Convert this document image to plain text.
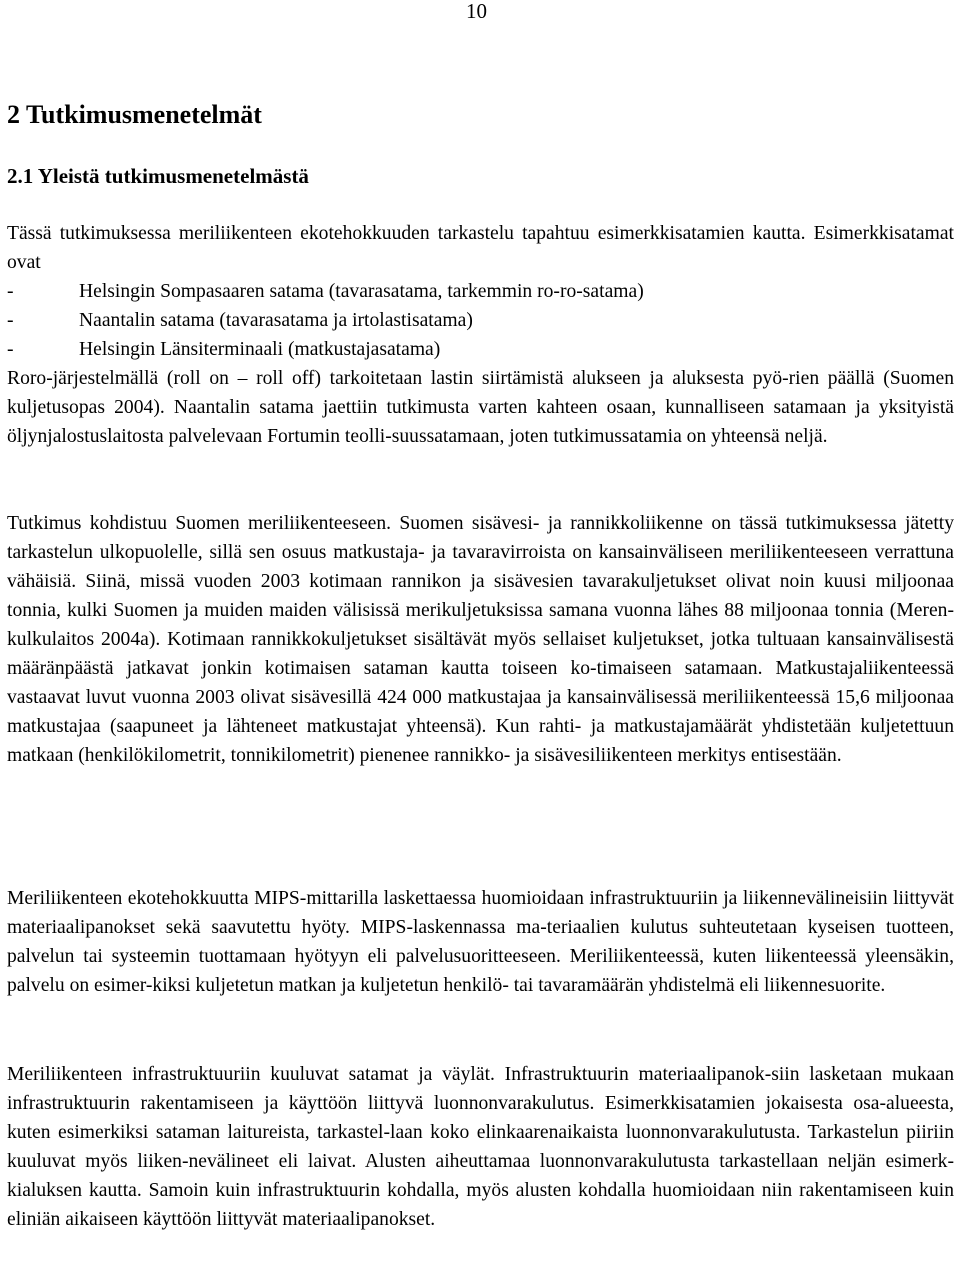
10
2 Tutkimusmenetelmät
2.1 Yleistä tutkimusmenetelmästä

Tässä tutkimuksessa meriliikenteen ekotehokkuuden tarkastelu tapahtuu esimerkkisatamien kautta. Esimerkkisatamat ovat

-	Helsingin Sompasaaren satama (tavarasatama, tarkemmin ro-ro-satama)
-	Naantalin satama (tavarasatama ja irtolastisatama)
-	Helsingin Länsiterminaali (matkustajasatama)

Roro-järjestelmällä (roll on – roll off) tarkoitetaan lastin siirtämistä alukseen ja aluksesta pyö-rien päällä (Suomen kuljetusopas 2004). Naantalin satama jaettiin tutkimusta varten kahteen osaan, kunnalliseen satamaan ja yksityistä öljynjalostuslaitosta palvelevaan Fortumin teolli-suussatamaan, joten tutkimussatamia on yhteensä neljä.

Tutkimus kohdistuu Suomen meriliikenteeseen. Suomen sisävesi- ja rannikkoliikenne on tässä tutkimuksessa jätetty tarkastelun ulkopuolelle, sillä sen osuus matkustaja- ja tavaravirroista on kansainväliseen meriliikenteeseen verrattuna vähäisiä. Siinä, missä vuoden 2003 kotimaan rannikon ja sisävesien tavarakuljetukset olivat noin kuusi miljoonaa tonnia, kulki Suomen ja muiden maiden välisissä merikuljetuksissa samana vuonna lähes 88 miljoonaa tonnia (Meren-kulkulaitos 2004a). Kotimaan rannikkokuljetukset sisältävät myös sellaiset kuljetukset, jotka tultuaan kansainvälisestä määränpäästä jatkavat jonkin kotimaisen sataman kautta toiseen ko-timaiseen satamaan. Matkustajaliikenteessä vastaavat luvut vuonna 2003 olivat sisävesillä 424 000 matkustajaa ja kansainvälisessä meriliikenteessä 15,6 miljoonaa matkustajaa (saapuneet ja lähteneet matkustajat yhteensä). Kun rahti- ja matkustajamäärät yhdistetään kuljetettuun matkaan (henkilökilometrit, tonnikilometrit) pienenee rannikko- ja sisävesiliikenteen merkitys entisestään.

Meriliikenteen ekotehokkuutta MIPS-mittarilla laskettaessa huomioidaan infrastruktuuriin ja liikennevälineisiin liittyvät materiaalipanokset sekä saavutettu hyöty. MIPS-laskennassa ma-teriaalien kulutus suhteutetaan kyseisen tuotteen, palvelun tai systeemin tuottamaan hyötyyn eli palvelusuoritteeseen. Meriliikenteessä, kuten liikenteessä yleensäkin, palvelu on esimer-kiksi kuljetetun matkan ja kuljetetun henkilö- tai tavaramäärän yhdistelmä eli liikennesuorite.

Meriliikenteen infrastruktuuriin kuuluvat satamat ja väylät. Infrastruktuurin materiaalipanok-siin lasketaan mukaan infrastruktuurin rakentamiseen ja käyttöön liittyvä luonnonvarakulutus. Esimerkkisatamien jokaisesta osa-alueesta, kuten esimerkiksi sataman laitureista, tarkastel-laan koko elinkaarenaikaista luonnonvarakulutusta. Tarkastelun piiriin kuuluvat myös liiken-nevälineet eli laivat. Alusten aiheuttamaa luonnonvarakulutusta tarkastellaan neljän esimerk-kialuksen kautta. Samoin kuin infrastruktuurin kohdalla, myös alusten kohdalla huomioidaan niin rakentamiseen kuin eliniän aikaiseen käyttöön liittyvät materiaalipanokset.
